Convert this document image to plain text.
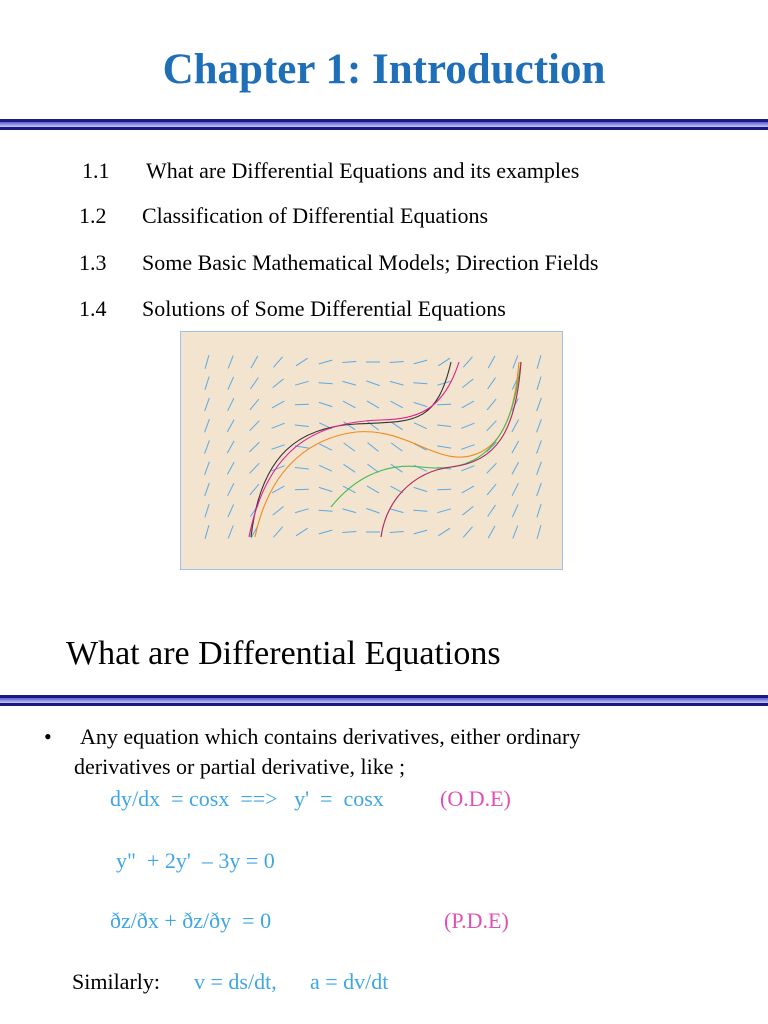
Chapter 1: Introduction
1.1 What are Differential Equations and its examples
1.2 Classification of Differential Equations
1.3 Some Basic Mathematical Models; Direction Fields
1.4 Solutions of Some Differential Equations
What are Differential Equations
• Any equation which contains derivatives, either ordinary
derivatives or partial derivative, like ;
dy/dx  = cosx  ==>   y'  =  cosx	(O.D.E)
y"  + 2y'  – 3y = 0
ðz/ðx + ðz/ðy  = 0	(P.D.E)
Similarly: v = ds/dt, a = dv/dt
